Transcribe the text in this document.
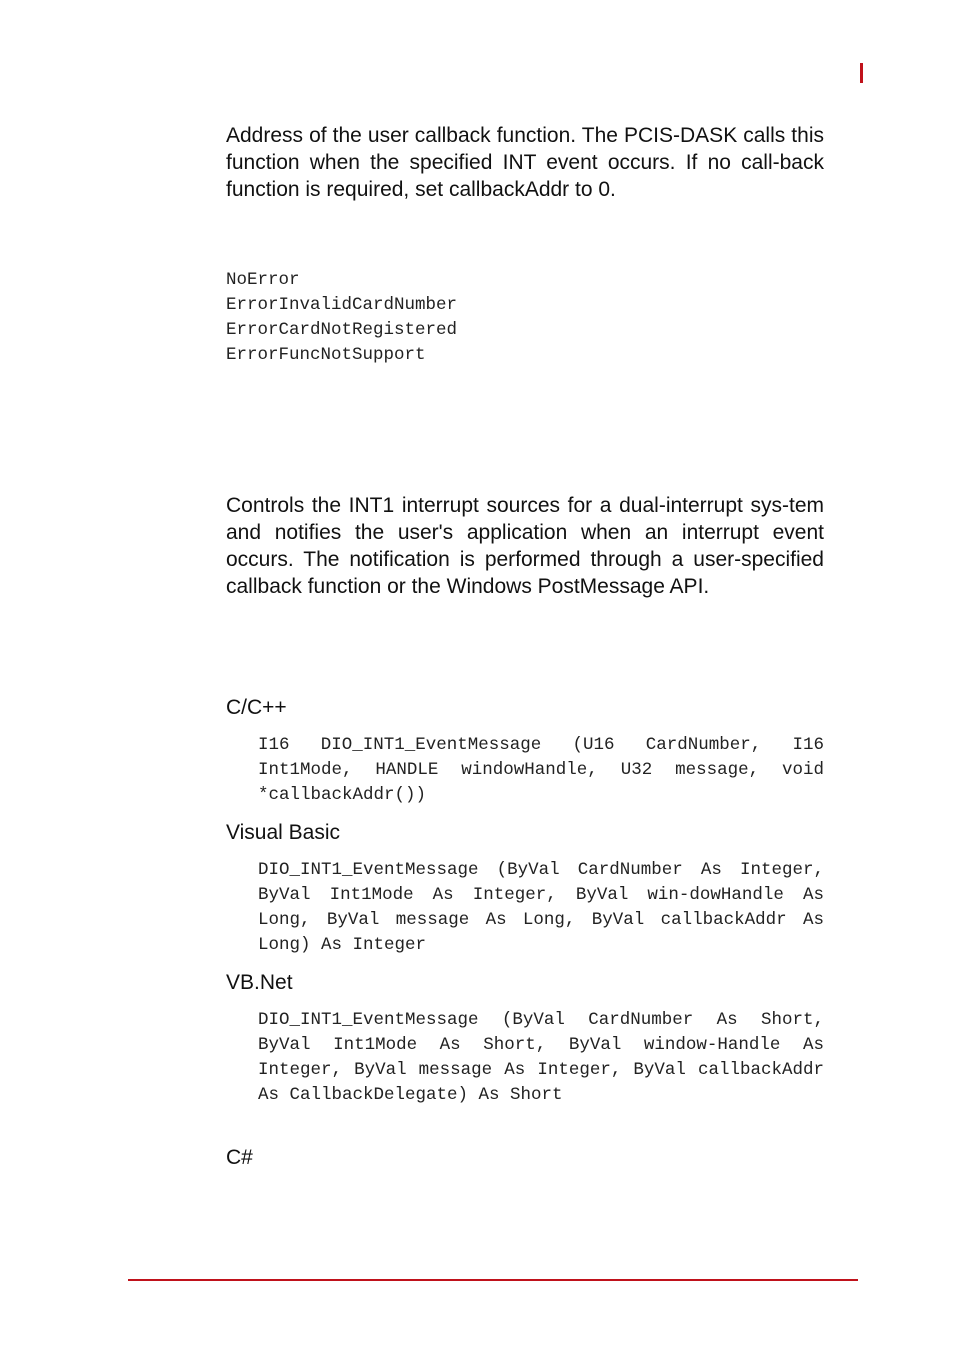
Address of the user callback function. The PCIS-DASK calls this function when the specified INT event occurs. If no call-back function is required, set callbackAddr to 0.

NoError
ErrorInvalidCardNumber
ErrorCardNotRegistered
ErrorFuncNotSupport

Controls the INT1 interrupt sources for a dual-interrupt sys-tem and notifies the user's application when an interrupt event occurs. The notification is performed through a user-specified callback function or the Windows PostMessage API.

C/C++

I16 DIO_INT1_EventMessage (U16 CardNumber, I16 Int1Mode, HANDLE windowHandle, U32 message, void *callbackAddr())

Visual Basic

DIO_INT1_EventMessage (ByVal CardNumber As Integer, ByVal Int1Mode As Integer, ByVal win-dowHandle As Long, ByVal message As Long, ByVal callbackAddr As Long) As Integer

VB.Net

DIO_INT1_EventMessage (ByVal CardNumber As Short, ByVal Int1Mode As Short, ByVal window-Handle As Integer, ByVal message As Integer, ByVal callbackAddr As CallbackDelegate) As Short

C#
